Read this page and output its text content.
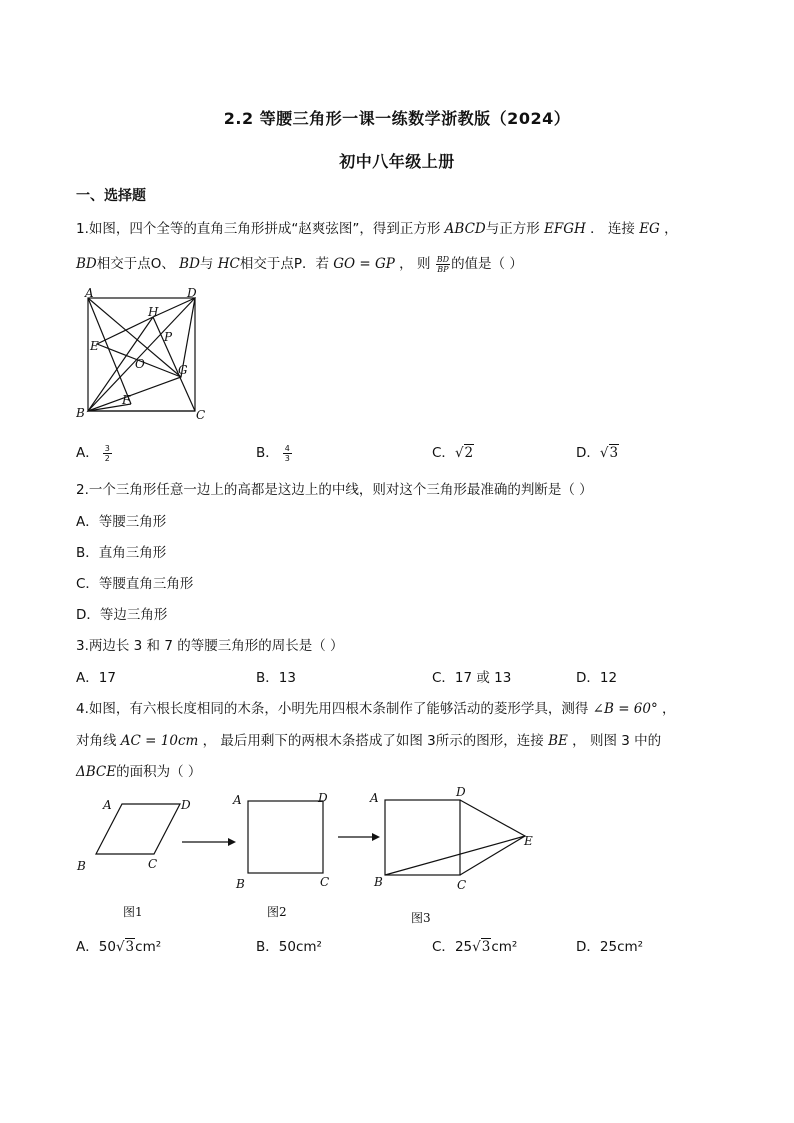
2.2 等腰三角形一课一练数学浙教版（2024）
初中八年级上册
一、选择题
1.如图，四个全等的直角三角形拼成“赵爽弦图”，得到正方形 ABCD与正方形 EFGH ． 连接 EG ，
BD相交于点O、 BD与 HC相交于点P．若 GO = GP ， 则 $\frac{BD}{BP}$ 的值是（ ）
A	D
H
P
E
O	G
B
F
C
A． $\frac{3}{2}$	B． $\frac{4}{3}$	C．√2	D．√3
2.一个三角形任意一边上的高都是这边上的中线，则对这个三角形最准确的判断是（ ）
A．等腰三角形
B．直角三角形
C．等腰直角三角形
D．等边三角形
3.两边长 3 和 7 的等腰三角形的周长是（ ）
A．17	B．13	C．17 或 13	D．12
4.如图，有六根长度相同的木条，小明先用四根木条制作了能够活动的菱形学具，测得 ∠B = 60° ，
对角线 AC = 10cm ， 最后用剩下的两根木条搭成了如图 3所示的图形，连接 BE ， 则图 3 中的
ΔBCE的面积为（ ）
A	D
B	C
A	D
B	C
A	D
E
B	C
图1	图2	图3
A．50√3cm²	B．50cm²	C．25√3cm²	D．25cm²
